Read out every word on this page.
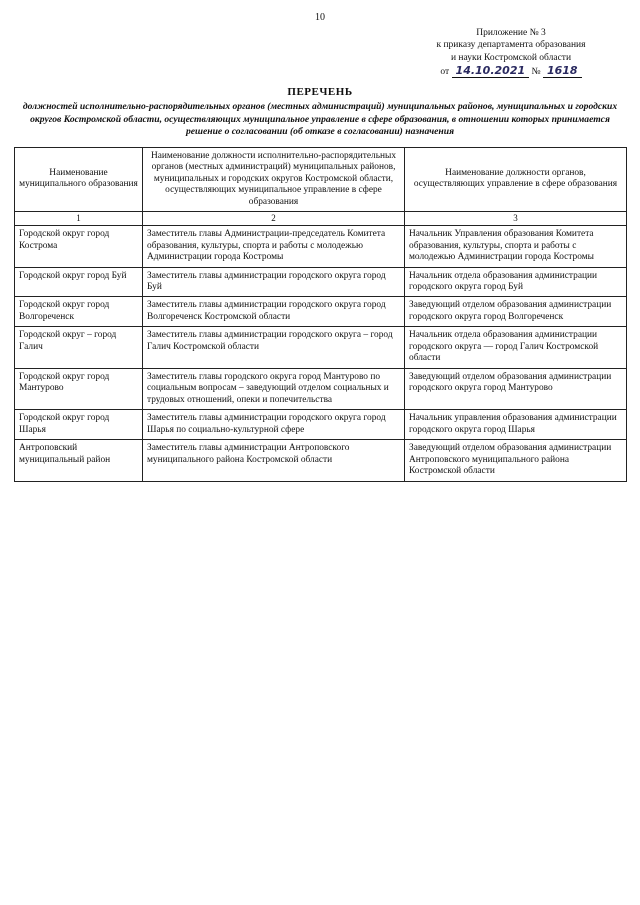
10
Приложение № 3
к приказу департамента образования
и науки Костромской области
от 14.10.2021 № 1618
ПЕРЕЧЕНЬ
должностей исполнительно-распорядительных органов (местных администраций) муниципальных районов, муниципальных и городских округов Костромской области, осуществляющих муниципальное управление в сфере образования, в отношении которых принимается решение о согласовании (об отказе в согласовании) назначения
Наименование муниципального образования	Наименование должности исполнительно-распорядительных органов (местных администраций) муниципальных районов, муниципальных и городских округов Костромской области, осуществляющих муниципальное управление в сфере образования	Наименование должности органов, осуществляющих управление в сфере образования
1	2	3
Городской округ город Кострома	Заместитель главы Администрации-председатель Комитета образования, культуры, спорта и работы с молодежью Администрации города Костромы	Начальник Управления образования Комитета образования, культуры, спорта и работы с молодежью Администрации города Костромы
Городской округ город Буй	Заместитель главы администрации городского округа город Буй	Начальник отдела образования администрации городского округа город Буй
Городской округ город Волгореченск	Заместитель главы администрации городского округа город Волгореченск Костромской области	Заведующий отделом образования администрации городского округа город Волгореченск
Городской округ – город Галич	Заместитель главы администрации городского округа – город Галич Костромской области	Начальник отдела образования администрации городского округа — город Галич Костромской области
Городской округ город Мантурово	Заместитель главы городского округа город Мантурово по социальным вопросам – заведующий отделом социальных и трудовых отношений, опеки и попечительства	Заведующий отделом образования администрации городского округа город Мантурово
Городской округ город Шарья	Заместитель главы администрации городского округа город Шарья по социально-культурной сфере	Начальник управления образования администрации городского округа город Шарья
Антроповский муниципальный район	Заместитель главы администрации Антроповского муниципального района Костромской области	Заведующий отделом образования администрации Антроповского муниципального района Костромской области
